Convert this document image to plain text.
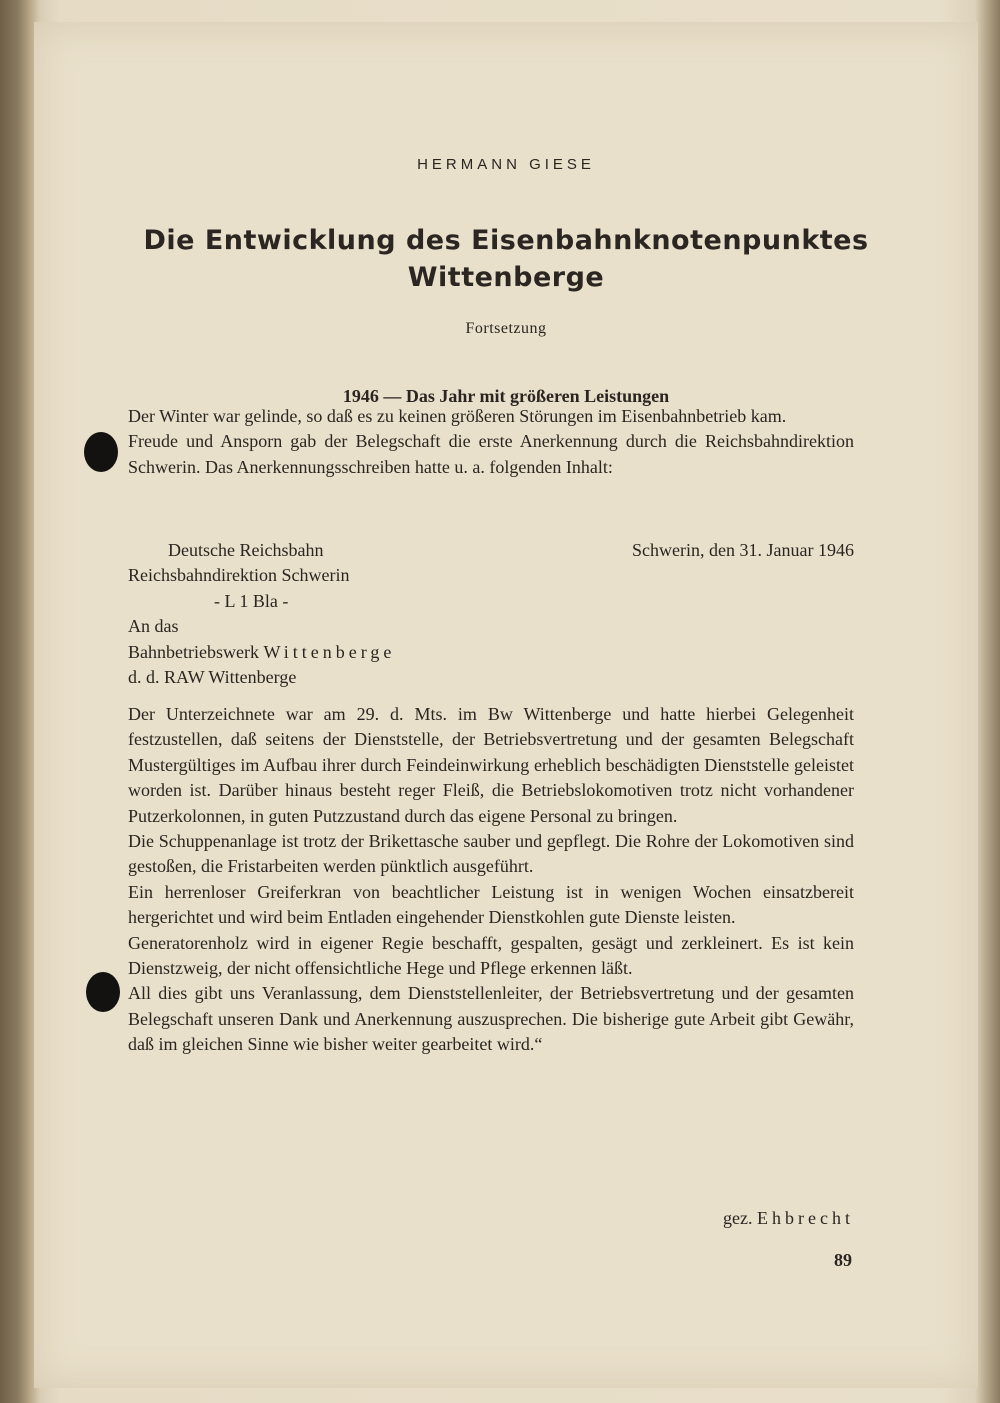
HERMANN GIESE
Die Entwicklung des Eisenbahnknotenpunktes
Wittenberge
Fortsetzung
1946 — Das Jahr mit größeren Leistungen

Der Winter war gelinde, so daß es zu keinen größeren Störungen im Eisenbahnbetrieb kam.

Freude und Ansporn gab der Belegschaft die erste Anerkennung durch die Reichsbahndirektion Schwerin. Das Anerkennungsschreiben hatte u. a. folgenden Inhalt:

Deutsche Reichsbahn	Schwerin, den 31. Januar 1946
Reichsbahndirektion Schwerin
- L 1 Bla -
An das
Bahnbetriebswerk Wittenberge
d. d. RAW Wittenberge

Der Unterzeichnete war am 29. d. Mts. im Bw Wittenberge und hatte hierbei Gelegenheit festzustellen, daß seitens der Dienststelle, der Betriebsvertretung und der gesamten Belegschaft Mustergültiges im Aufbau ihrer durch Feindeinwirkung erheblich beschädigten Dienststelle geleistet worden ist. Darüber hinaus besteht reger Fleiß, die Betriebslokomotiven trotz nicht vorhandener Putzerkolonnen, in guten Putzzustand durch das eigene Personal zu bringen.

Die Schuppenanlage ist trotz der Brikettasche sauber und gepflegt. Die Rohre der Lokomotiven sind gestoßen, die Fristarbeiten werden pünktlich ausgeführt.

Ein herrenloser Greiferkran von beachtlicher Leistung ist in wenigen Wochen einsatzbereit hergerichtet und wird beim Entladen eingehender Dienstkohlen gute Dienste leisten.

Generatorenholz wird in eigener Regie beschafft, gespalten, gesägt und zerkleinert. Es ist kein Dienstzweig, der nicht offensichtliche Hege und Pflege erkennen läßt.

All dies gibt uns Veranlassung, dem Dienststellenleiter, der Betriebsvertretung und der gesamten Belegschaft unseren Dank und Anerkennung auszusprechen. Die bisherige gute Arbeit gibt Gewähr, daß im gleichen Sinne wie bisher weiter gearbeitet wird.“

gez. Ehbrecht
89
